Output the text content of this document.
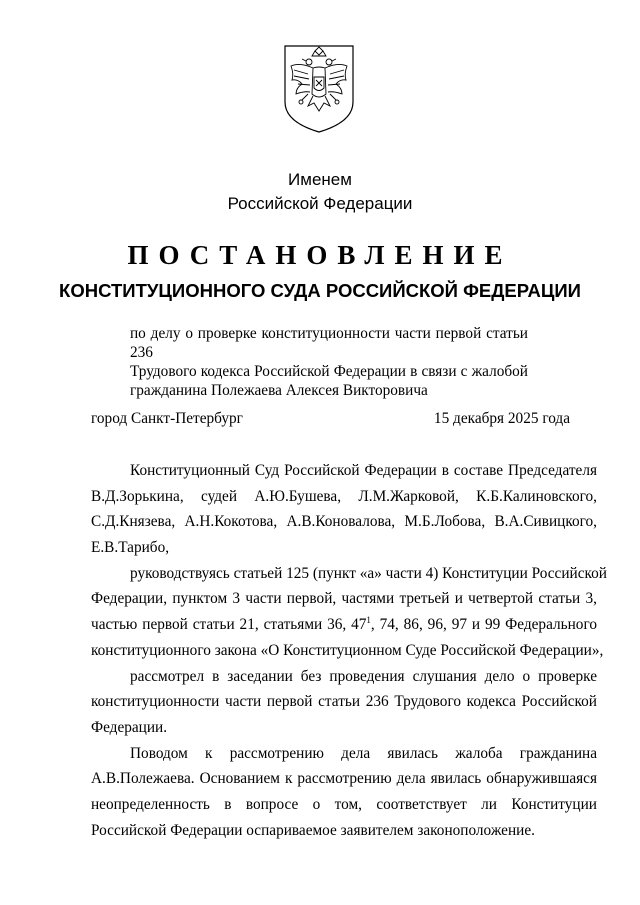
Именем
Российской Федерации
ПОСТАНОВЛЕНИЕ
КОНСТИТУЦИОННОГО СУДА РОССИЙСКОЙ ФЕДЕРАЦИИ
по делу о проверке конституционности части первой статьи 236
Трудового кодекса Российской Федерации в связи с жалобой
гражданина Полежаева Алексея Викторовича
город Санкт-Петербург	15 декабря 2025 года
Конституционный Суд Российской Федерации в составе Председателя
В.Д.Зорькина, судей А.Ю.Бушева, Л.М.Жарковой, К.Б.Калиновского,
С.Д.Князева, А.Н.Кокотова, А.В.Коновалова, М.Б.Лобова, В.А.Сивицкого,
Е.В.Тарибо,
руководствуясь статьей 125 (пункт «а» части 4) Конституции Российской
Федерации, пунктом 3 части первой, частями третьей и четвертой статьи 3,
частью первой статьи 21, статьями 36, $47^1$, 74, 86, 96, 97 и 99 Федерального
конституционного закона «О Конституционном Суде Российской Федерации»,
рассмотрел в заседании без проведения слушания дело о проверке
конституционности части первой статьи 236 Трудового кодекса Российской
Федерации.
Поводом к рассмотрению дела явилась жалоба гражданина
А.В.Полежаева. Основанием к рассмотрению дела явилась обнаружившаяся
неопределенность в вопросе о том, соответствует ли Конституции
Российской Федерации оспариваемое заявителем законоположение.
